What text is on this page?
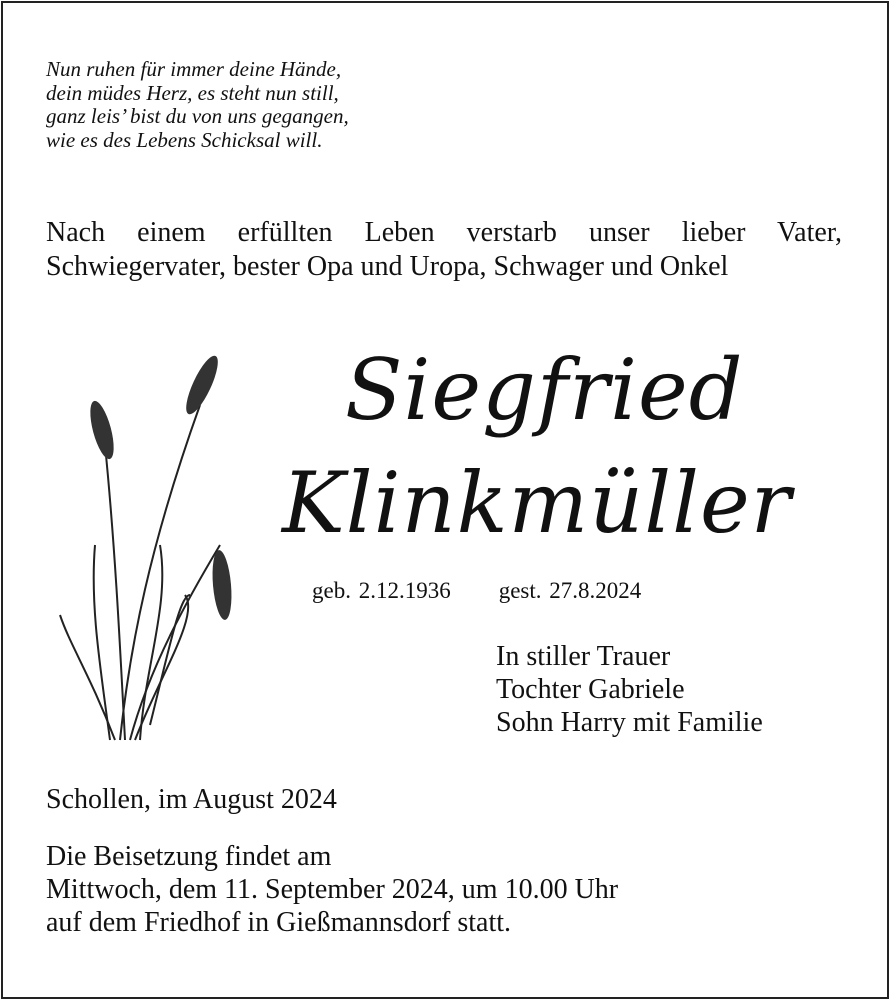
Nun ruhen für immer deine Hände,
dein müdes Herz, es steht nun still,
ganz leis’ bist du von uns gegangen,
wie es des Lebens Schicksal will.
Nach einem erfüllten Leben verstarb unser lieber Vater, Schwiegervater, bester Opa und Uropa, Schwager und Onkel
Siegfried
Klinkmüller
geb. 2.12.1936 gest. 27.8.2024
In stiller Trauer
Tochter Gabriele
Sohn Harry mit Familie
Schollen, im August 2024
Die Beisetzung findet am
Mittwoch, dem 11. September 2024, um 10.00 Uhr
auf dem Friedhof in Gießmannsdorf statt.
